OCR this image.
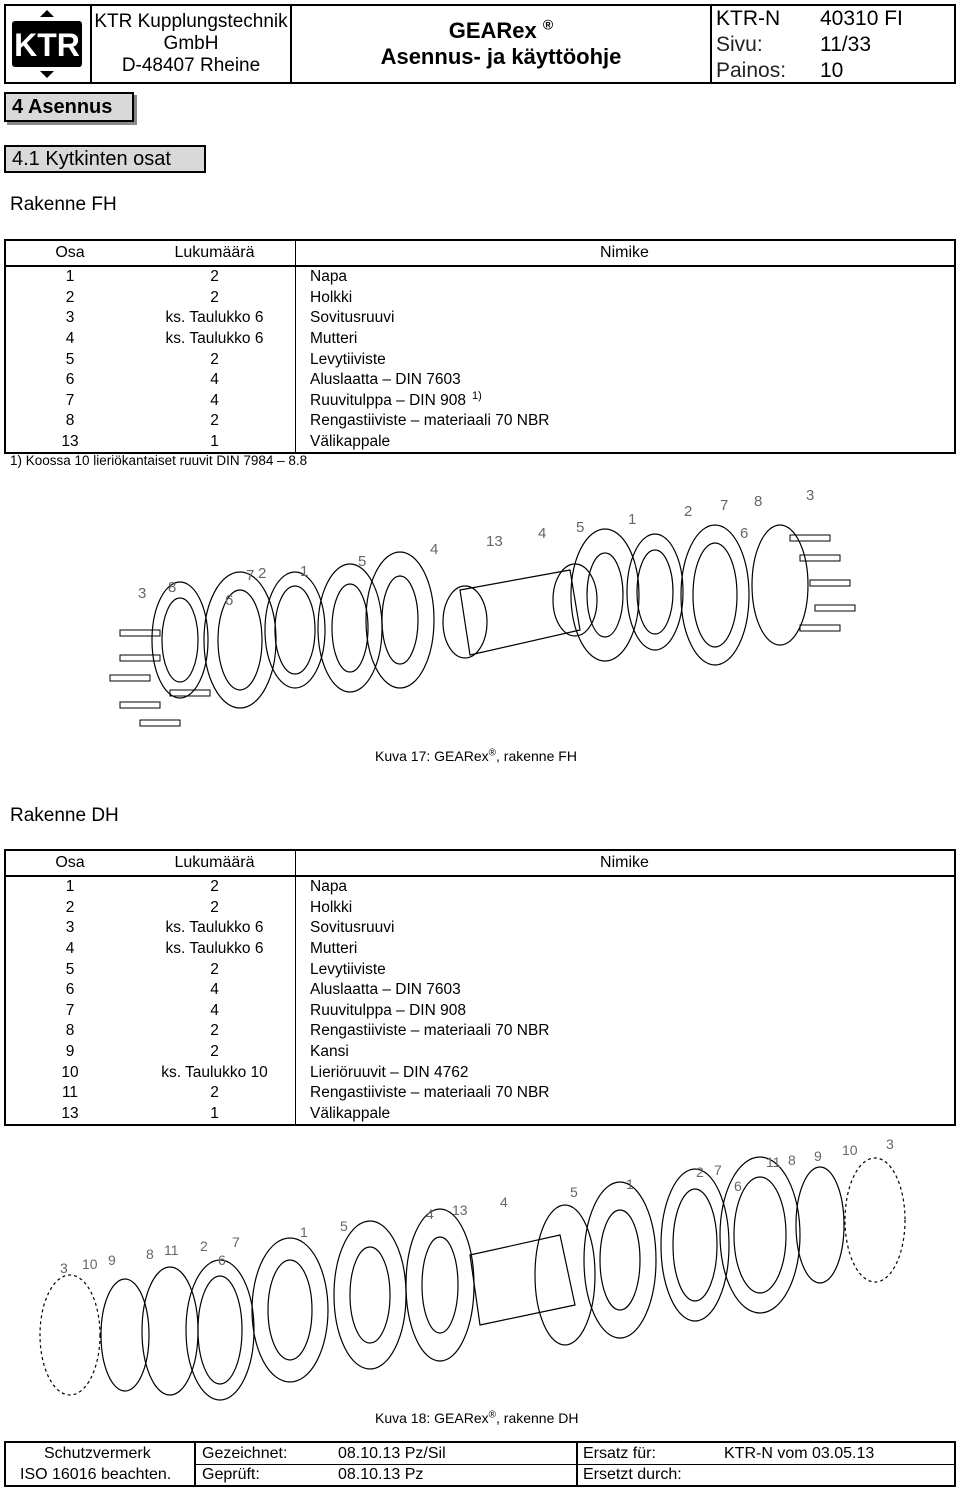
KTR
KTR Kupplungstechnik
GmbH
D-48407 Rheine
GEARex ®
Asennus- ja käyttöohje
KTR-N	40310 FI
Sivu:	11/33
Painos:	10
4 Asennus
4.1 Kytkinten osat
Rakenne FH
Osa	Lukumäärä	Nimike
1	2	Napa
2	2	Holkki
3	ks. Taulukko 6	Sovitusruuvi
4	ks. Taulukko 6	Mutteri
5	2	Levytiiviste
6	4	Aluslaatta – DIN 7603
7	4	Ruuvitulppa – DIN 908 $^{1)}$
8	2	Rengastiiviste – materiaali 70 NBR
13	1	Välikappale
1) Koossa 10 lieriökantaiset ruuvit DIN 7984 – 8.8
3 8
6
7 2 1
5
4	13 4 5	1	2 7 8	3
6
Kuva 17: GEARex®, rakenne FH
Rakenne DH
Osa	Lukumäärä	Nimike
1	2	Napa
2	2	Holkki
3	ks. Taulukko 6	Sovitusruuvi
4	ks. Taulukko 6	Mutteri
5	2	Levytiiviste
6	4	Aluslaatta – DIN 7603
7	4	Ruuvitulppa – DIN 908
8	2	Rengastiiviste – materiaali 70 NBR
9	2	Kansi
10	ks. Taulukko 10	Lieriöruuvit – DIN 4762
11	2	Rengastiiviste – materiaali 70 NBR
13	1	Välikappale
3 10 9 8 11 2 7
6
1 5
4 13 4
5	1
2 7
6
11 8 9 10 3
Kuva 18: GEARex®, rakenne DH
Schutzvermerk
ISO 16016 beachten.
Gezeichnet:	08.10.13 Pz/Sil
Geprüft:	08.10.13 Pz
Ersatz für:	KTR-N vom 03.05.13
Ersetzt durch:
